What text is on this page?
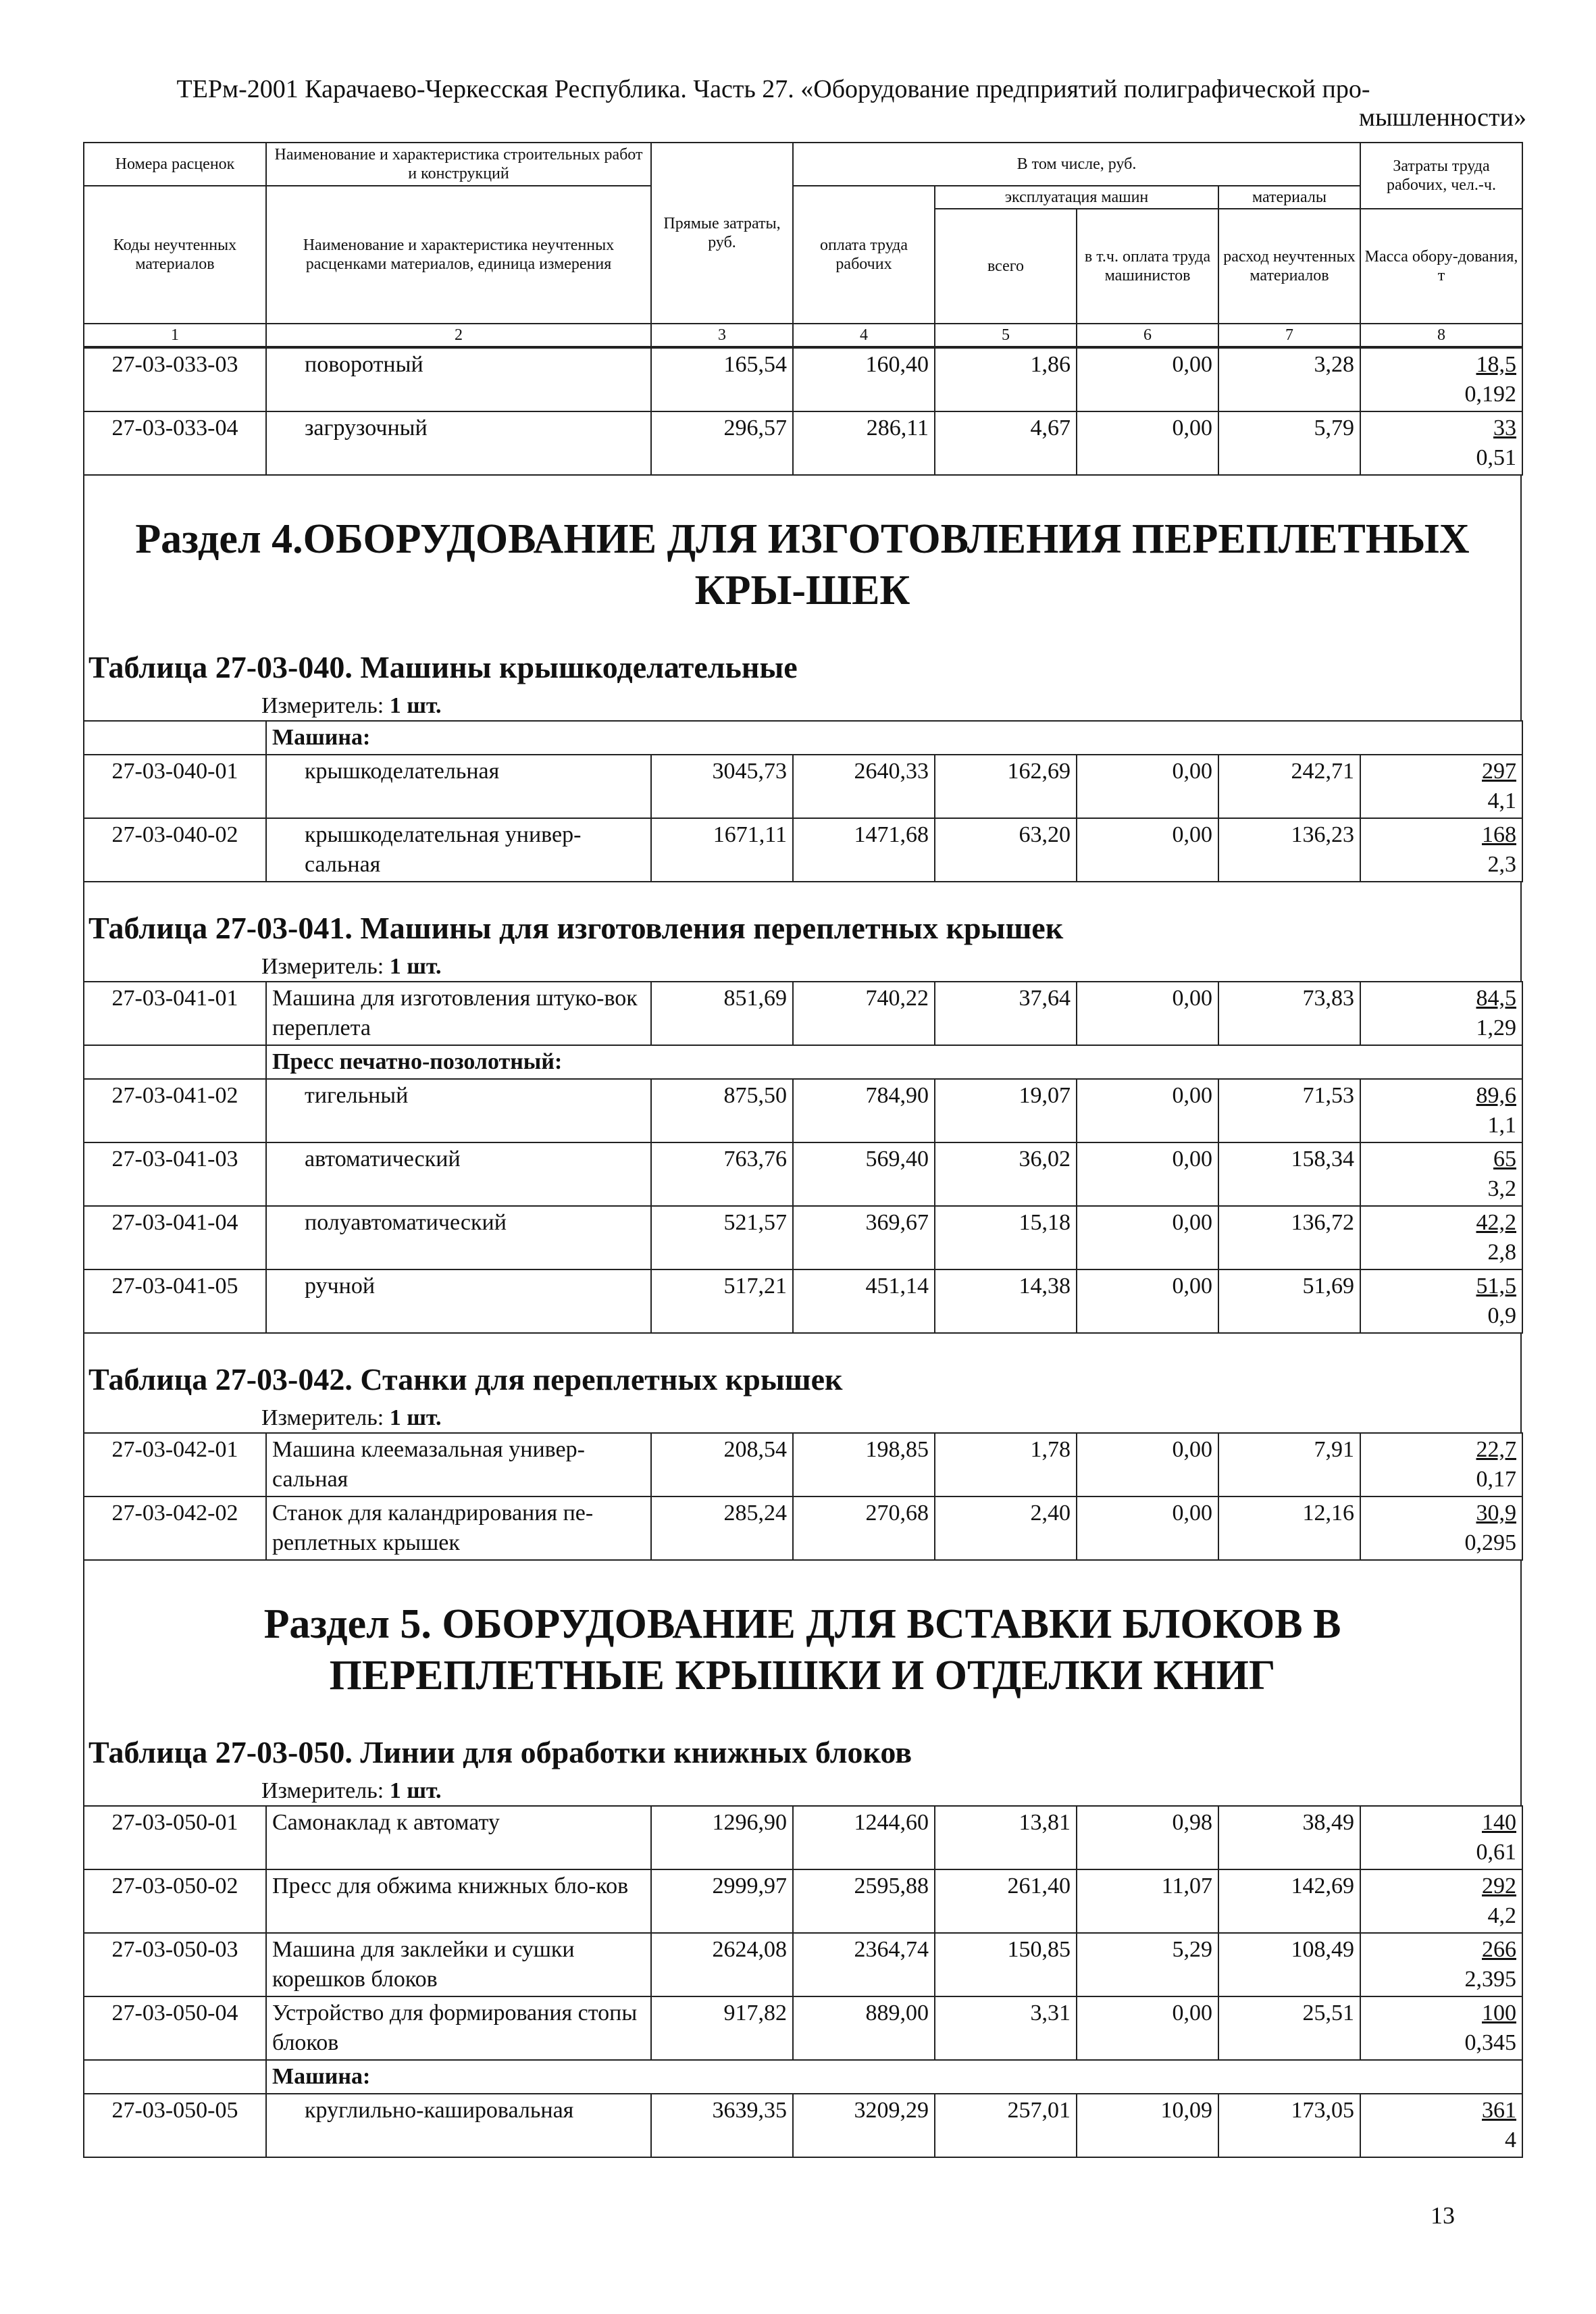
ТЕРм-2001 Карачаево-Черкесская Республика. Часть 27. «Оборудование предприятий полиграфической про-
мышленности»
Номера расценок	Наименование и характеристика строительных работ и конструкций	Прямые затраты, руб.	В том числе, руб.				Затраты труда рабочих, чел.-ч.
Коды неучтенных материалов	Наименование и характеристика неучтенных расценками материалов, единица измерения		оплата труда рабочих	эксплуатация машин		материалы	
				всего	в т.ч. оплата труда машинистов	расход неучтенных материалов	Масса обору-дования, т
1	2	3	4	5	6	7	8
27-03-033-03	поворотный	165,54	160,40	1,86	0,00	3,28	18,5
0,192

27-03-033-04	загрузочный	296,57	286,11	4,67	0,00	5,79	33
0,51
Раздел 4.ОБОРУДОВАНИЕ ДЛЯ ИЗГОТОВЛЕНИЯ ПЕРЕПЛЕТНЫХ КРЫ-ШЕК
Таблица 27-03-040. Машины крышкоделательные
Измеритель: 1 шт.
	Машина:						
27-03-040-01	крышкоделательная	3045,73	2640,33	162,69	0,00	242,71	297
4,1

27-03-040-02	крышкоделательная универ-сальная	1671,11	1471,68	63,20	0,00	136,23	168
2,3
Таблица 27-03-041. Машины для изготовления переплетных крышек
Измеритель: 1 шт.
27-03-041-01	Машина для изготовления штуко-вок переплета	851,69	740,22	37,64	0,00	73,83	84,5
1,29

	Пресс печатно-позолотный:						
27-03-041-02	тигельный	875,50	784,90	19,07	0,00	71,53	89,6
1,1

27-03-041-03	автоматический	763,76	569,40	36,02	0,00	158,34	65
3,2

27-03-041-04	полуавтоматический	521,57	369,67	15,18	0,00	136,72	42,2
2,8

27-03-041-05	ручной	517,21	451,14	14,38	0,00	51,69	51,5
0,9
Таблица 27-03-042. Станки для переплетных крышек
Измеритель: 1 шт.
27-03-042-01	Машина клеемазальная универ-сальная	208,54	198,85	1,78	0,00	7,91	22,7
0,17

27-03-042-02	Станок для каландрирования пе-реплетных крышек	285,24	270,68	2,40	0,00	12,16	30,9
0,295
Раздел 5. ОБОРУДОВАНИЕ ДЛЯ ВСТАВКИ БЛОКОВ В ПЕРЕПЛЕТНЫЕ КРЫШКИ И ОТДЕЛКИ КНИГ
Таблица 27-03-050. Линии для обработки книжных блоков
Измеритель: 1 шт.
27-03-050-01	Самонаклад к автомату	1296,90	1244,60	13,81	0,98	38,49	140
0,61

27-03-050-02	Пресс для обжима книжных бло-ков	2999,97	2595,88	261,40	11,07	142,69	292
4,2

27-03-050-03	Машина для заклейки и сушки корешков блоков	2624,08	2364,74	150,85	5,29	108,49	266
2,395

27-03-050-04	Устройство для формирования стопы блоков	917,82	889,00	3,31	0,00	25,51	100
0,345

	Машина:						
27-03-050-05	круглильно-кашировальная	3639,35	3209,29	257,01	10,09	173,05	361
4
13
